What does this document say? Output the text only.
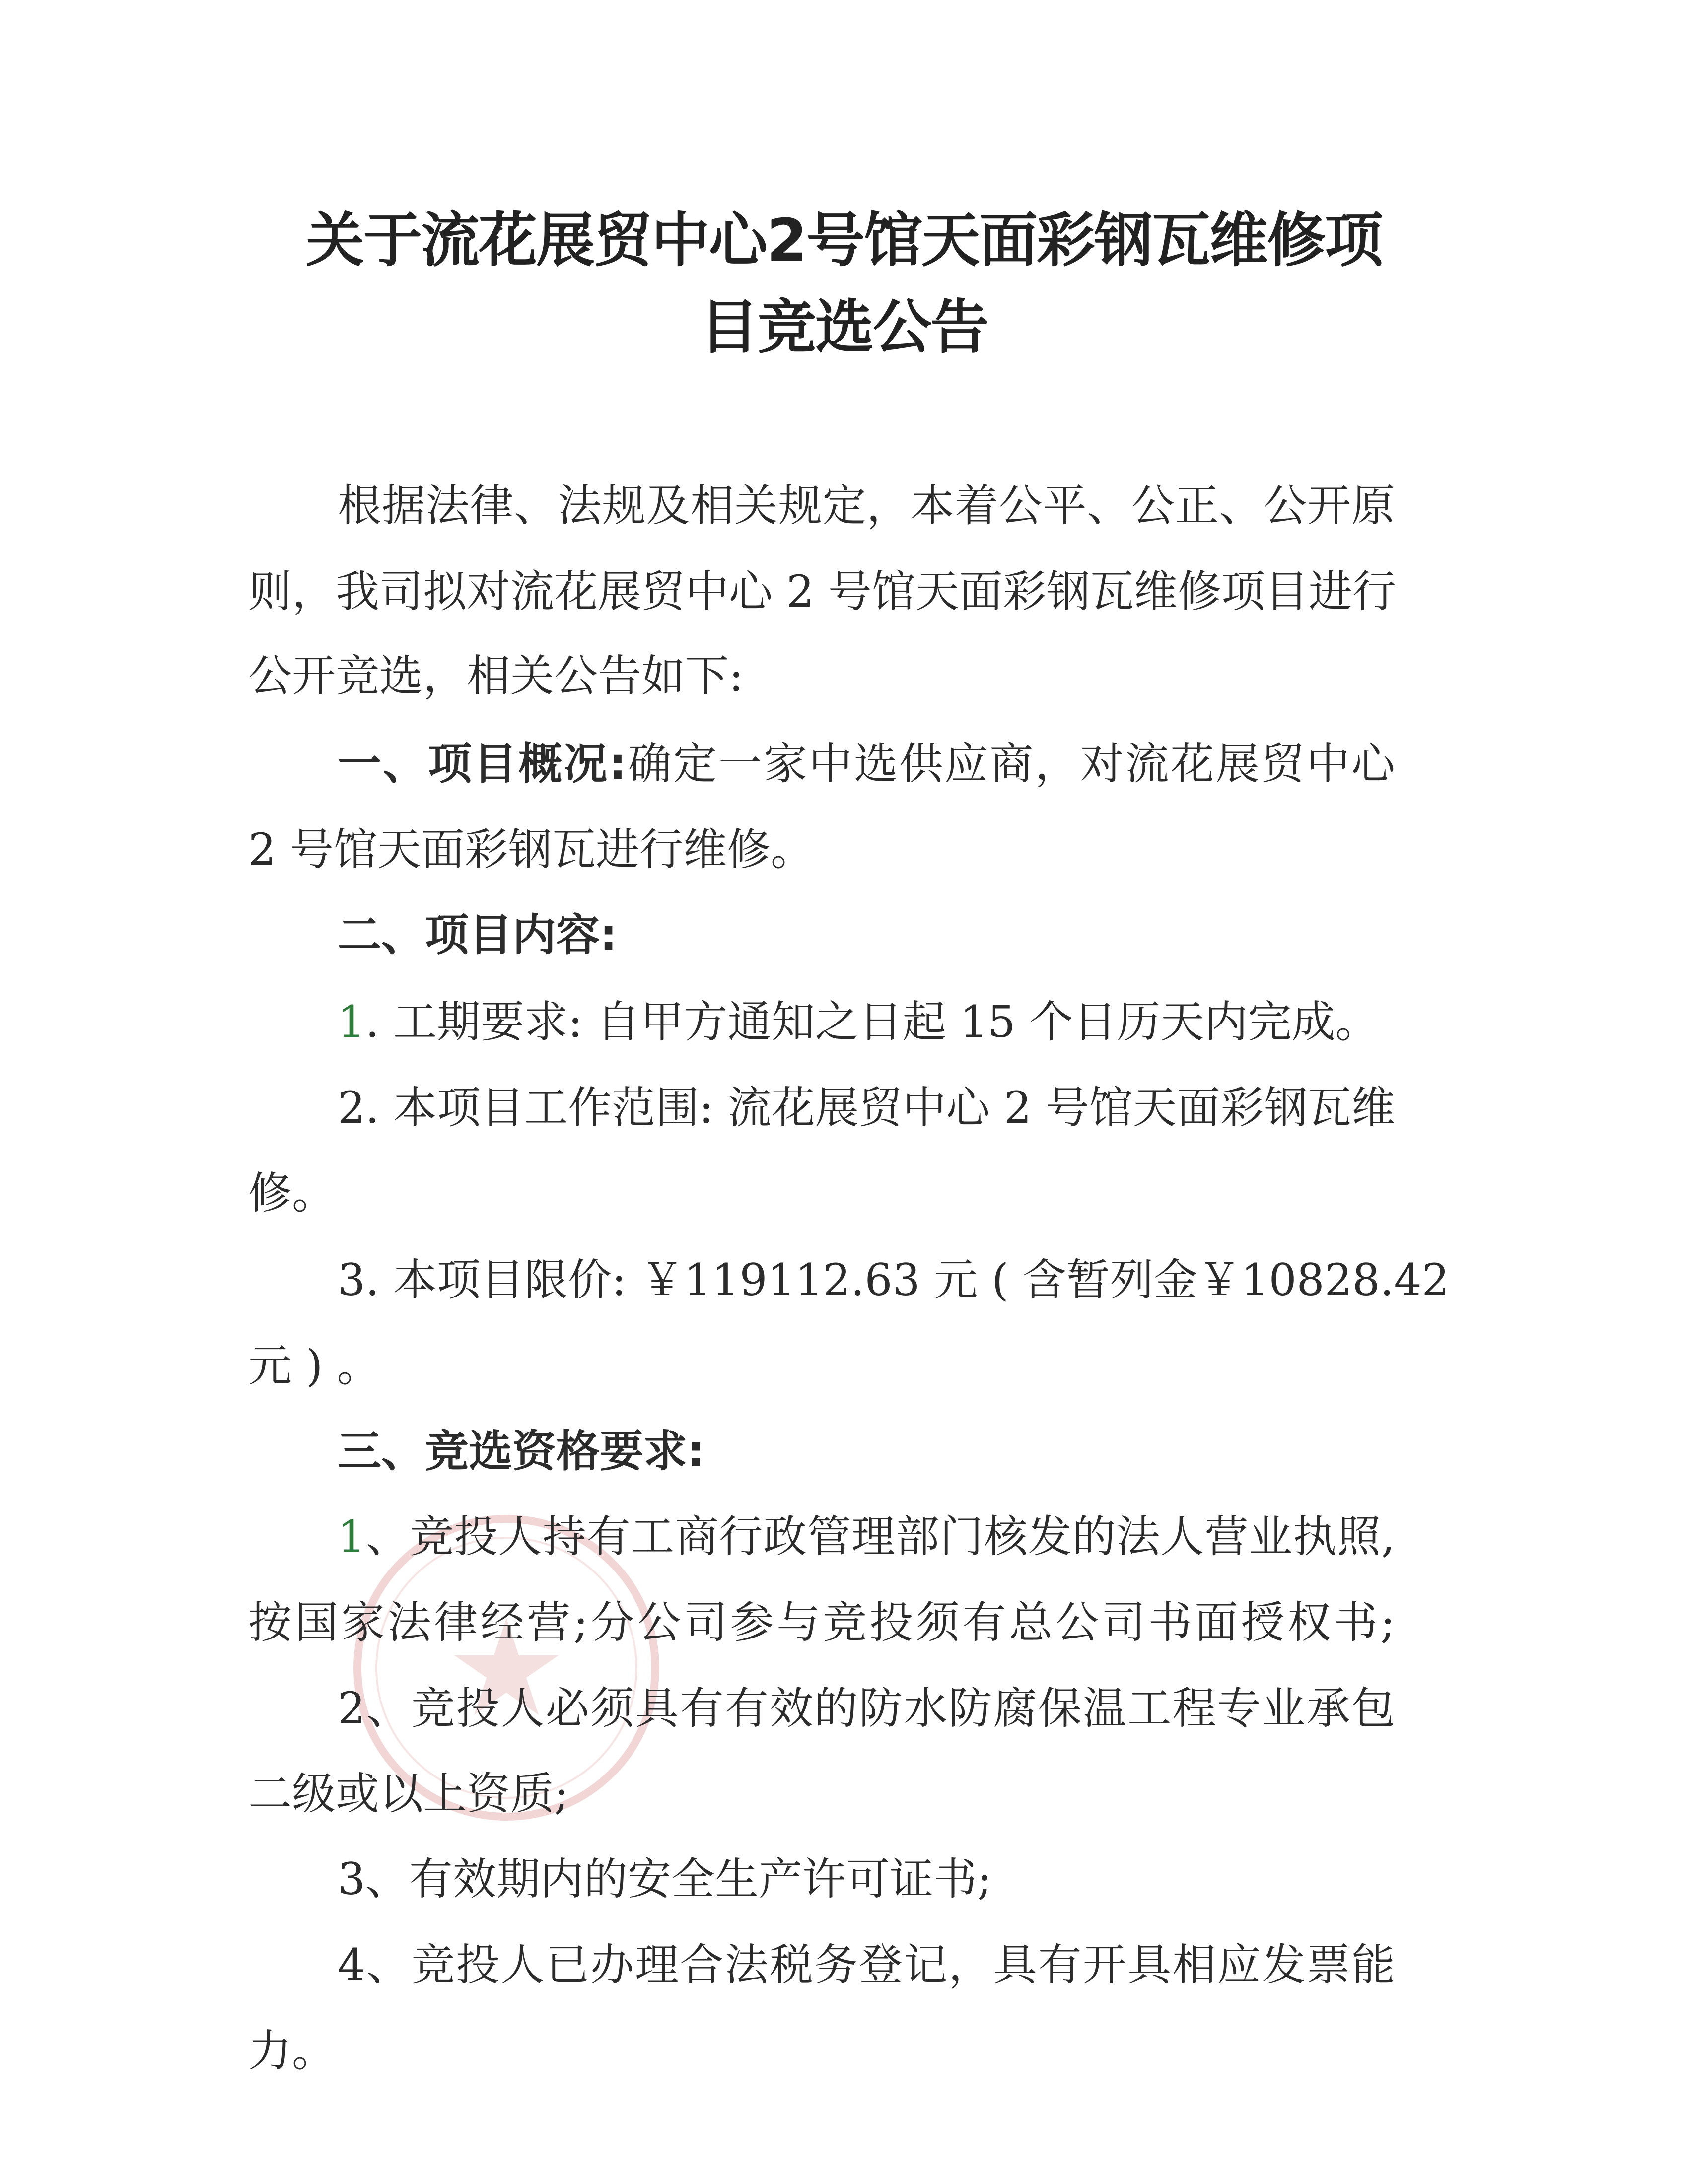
关于流花展贸中心2号馆天面彩钢瓦维修项
目竞选公告

根据法律、法规及相关规定，本着公平、公正、公开原

则，我司拟对流花展贸中心 2 号馆天面彩钢瓦维修项目进行

公开竞选，相关公告如下:

一、项目概况:确定一家中选供应商，对流花展贸中心

2 号馆天面彩钢瓦进行维修。

二、项目内容:

1. 工期要求: 自甲方通知之日起 15 个日历天内完成。

2. 本项目工作范围: 流花展贸中心 2 号馆天面彩钢瓦维

修。

3. 本项目限价: ￥119112.63 元 ( 含暂列金￥10828.42

元 ) 。

三、竞选资格要求:

1、竞投人持有工商行政管理部门核发的法人营业执照,

按国家法律经营;分公司参与竞投须有总公司书面授权书;

2、竞投人必须具有有效的防水防腐保温工程专业承包

二级或以上资质;

3、有效期内的安全生产许可证书;

4、竞投人已办理合法税务登记，具有开具相应发票能

力。
